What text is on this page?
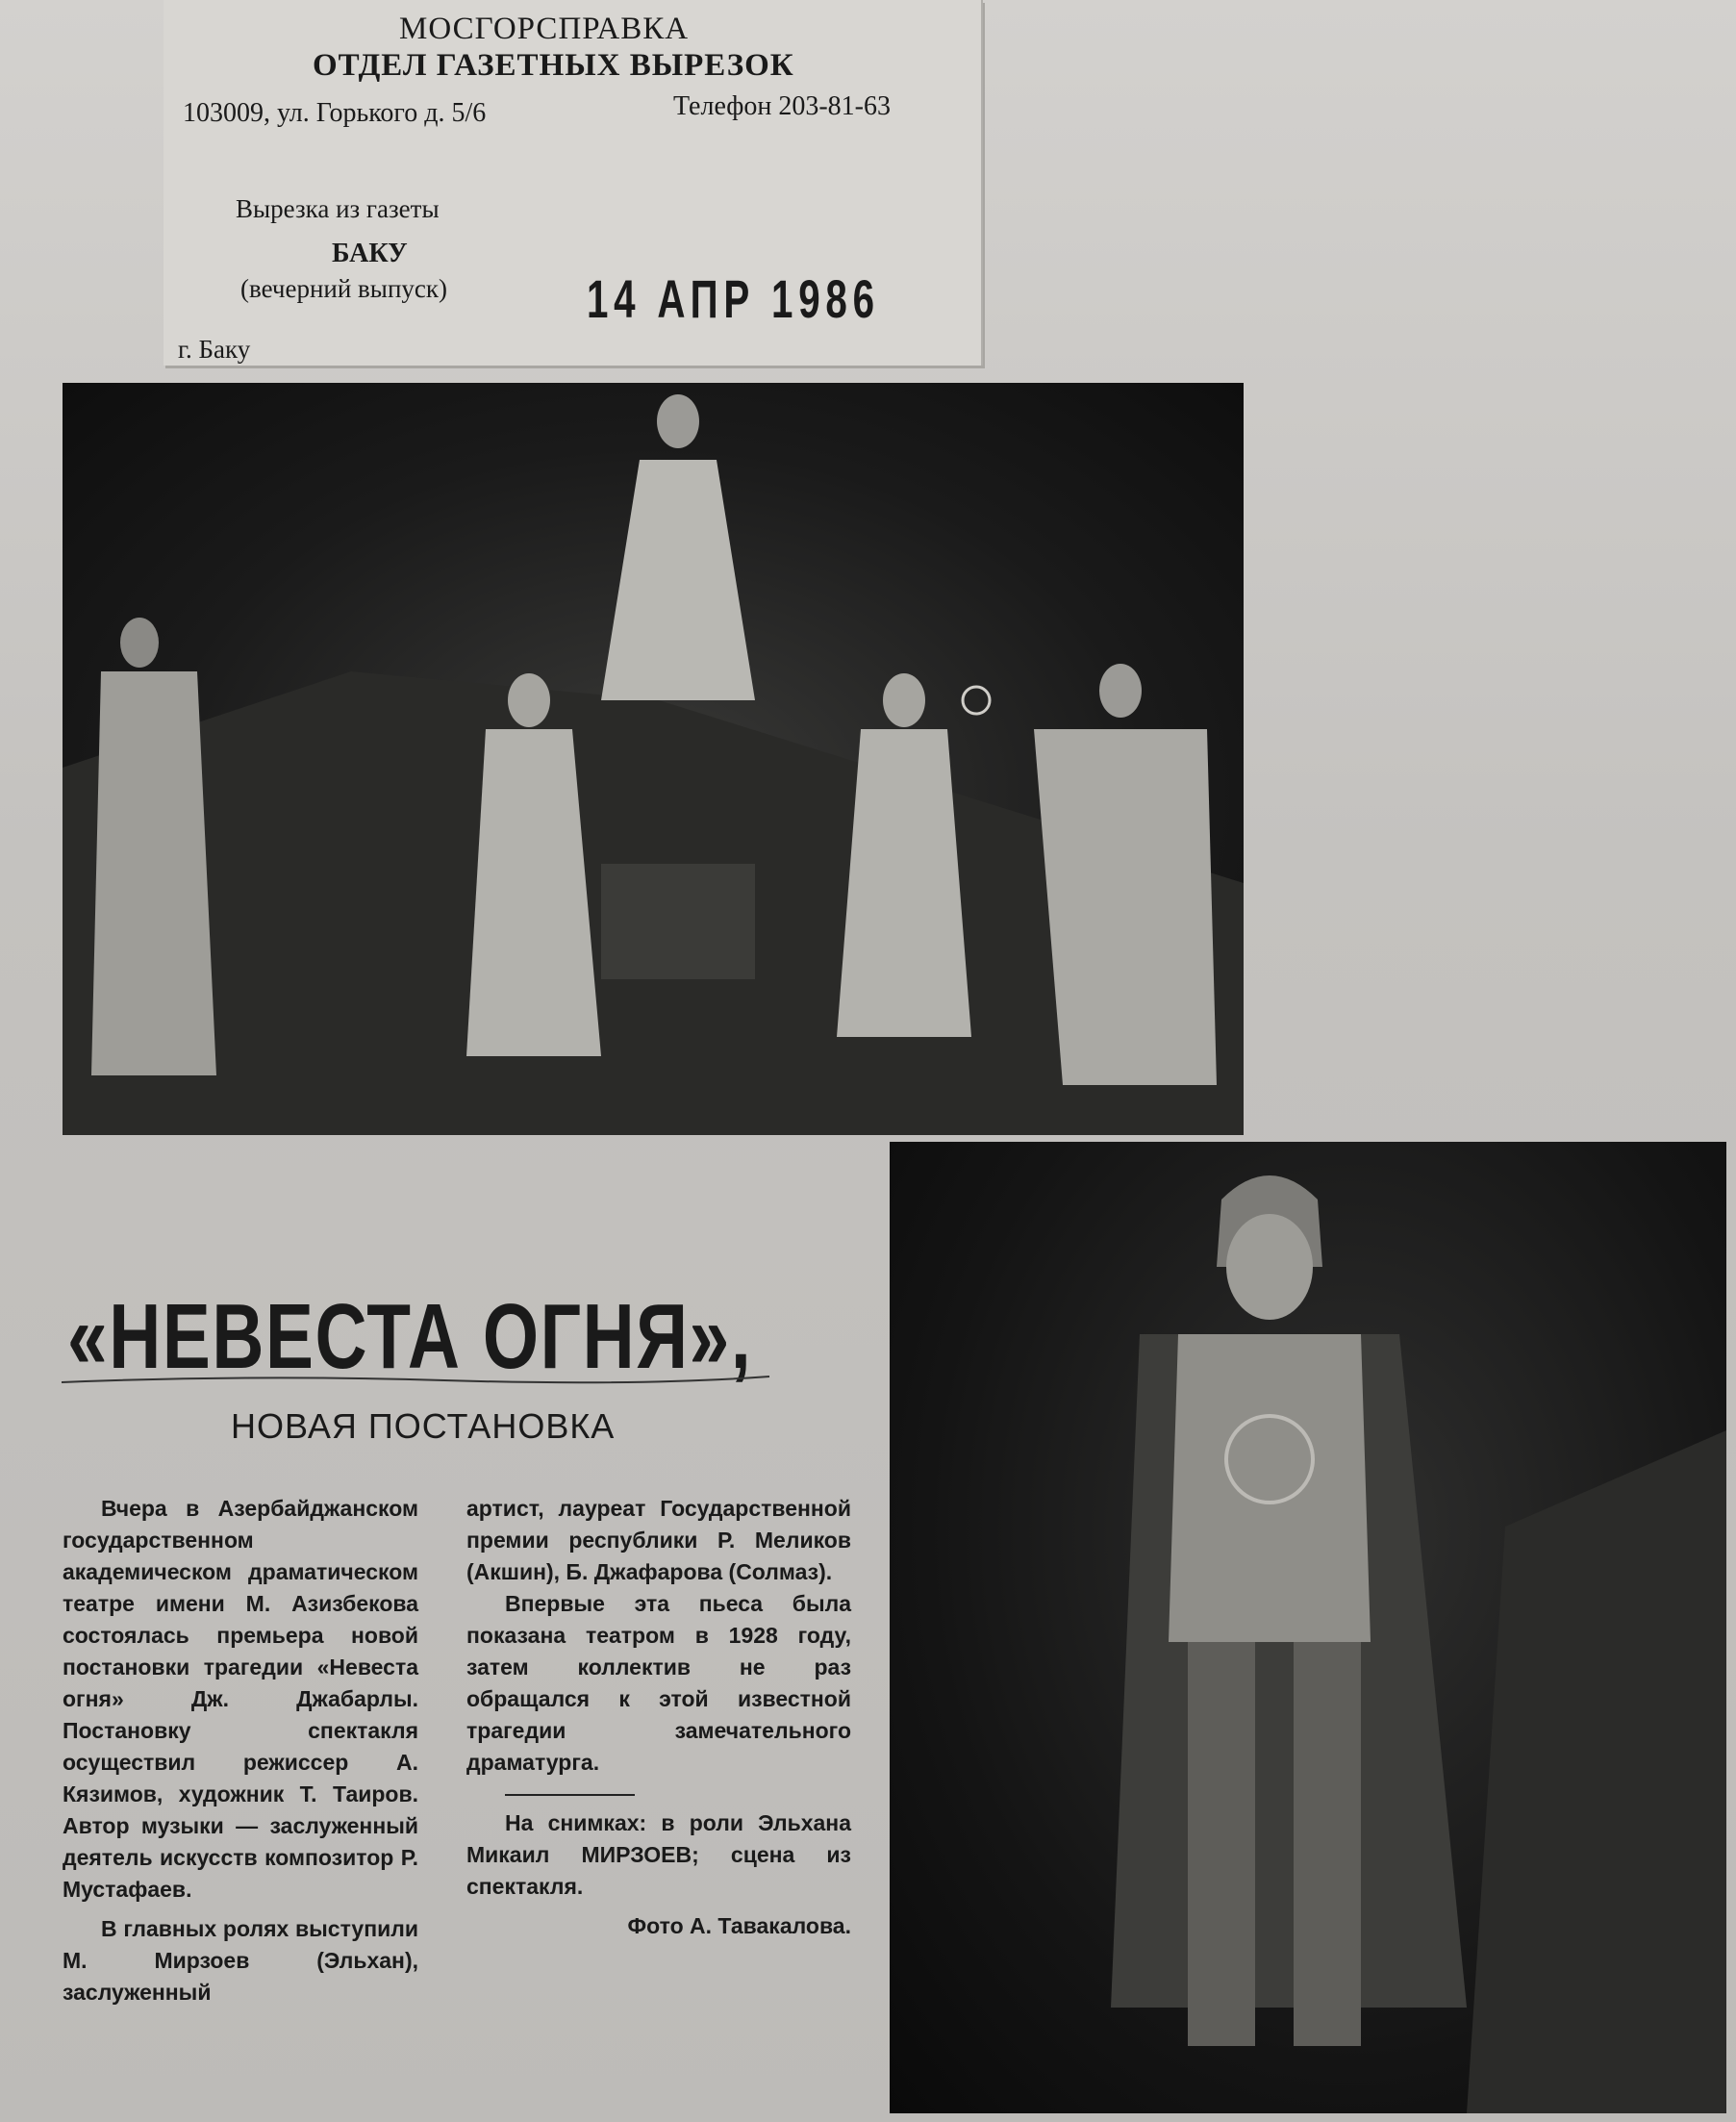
МОСГОРСПРАВКА
ОТДЕЛ ГАЗЕТНЫХ ВЫРЕЗОК
103009, ул. Горького д. 5/6	Телефон 203-81-63
Вырезка из газеты
БАКУ
(вечерний выпуск)	14 АПР 1986
г. Баку
«НЕВЕСТА ОГНЯ»,
НОВАЯ ПОСТАНОВКА

Вчера в Азербайджанском государственном академическом драматическом театре имени М. Азизбекова состоялась премьера новой постановки трагедии «Невеста огня» Дж. Джабарлы. Постановку спектакля осуществил режиссер А. Кязимов, художник Т. Таиров. Автор музыки — заслуженный деятель искусств композитор Р. Мустафаев.

В главных ролях выступили М. Мирзоев (Эльхан), заслуженный

артист, лауреат Государственной премии республики Р. Меликов (Акшин), Б. Джафарова (Солмаз).

Впервые эта пьеса была показана театром в 1928 году, затем коллектив не раз обращался к этой известной трагедии замечательного драматурга.

На снимках: в роли Эльхана Микаил МИРЗОЕВ; сцена из спектакля.

Фото А. Тавакалова.
